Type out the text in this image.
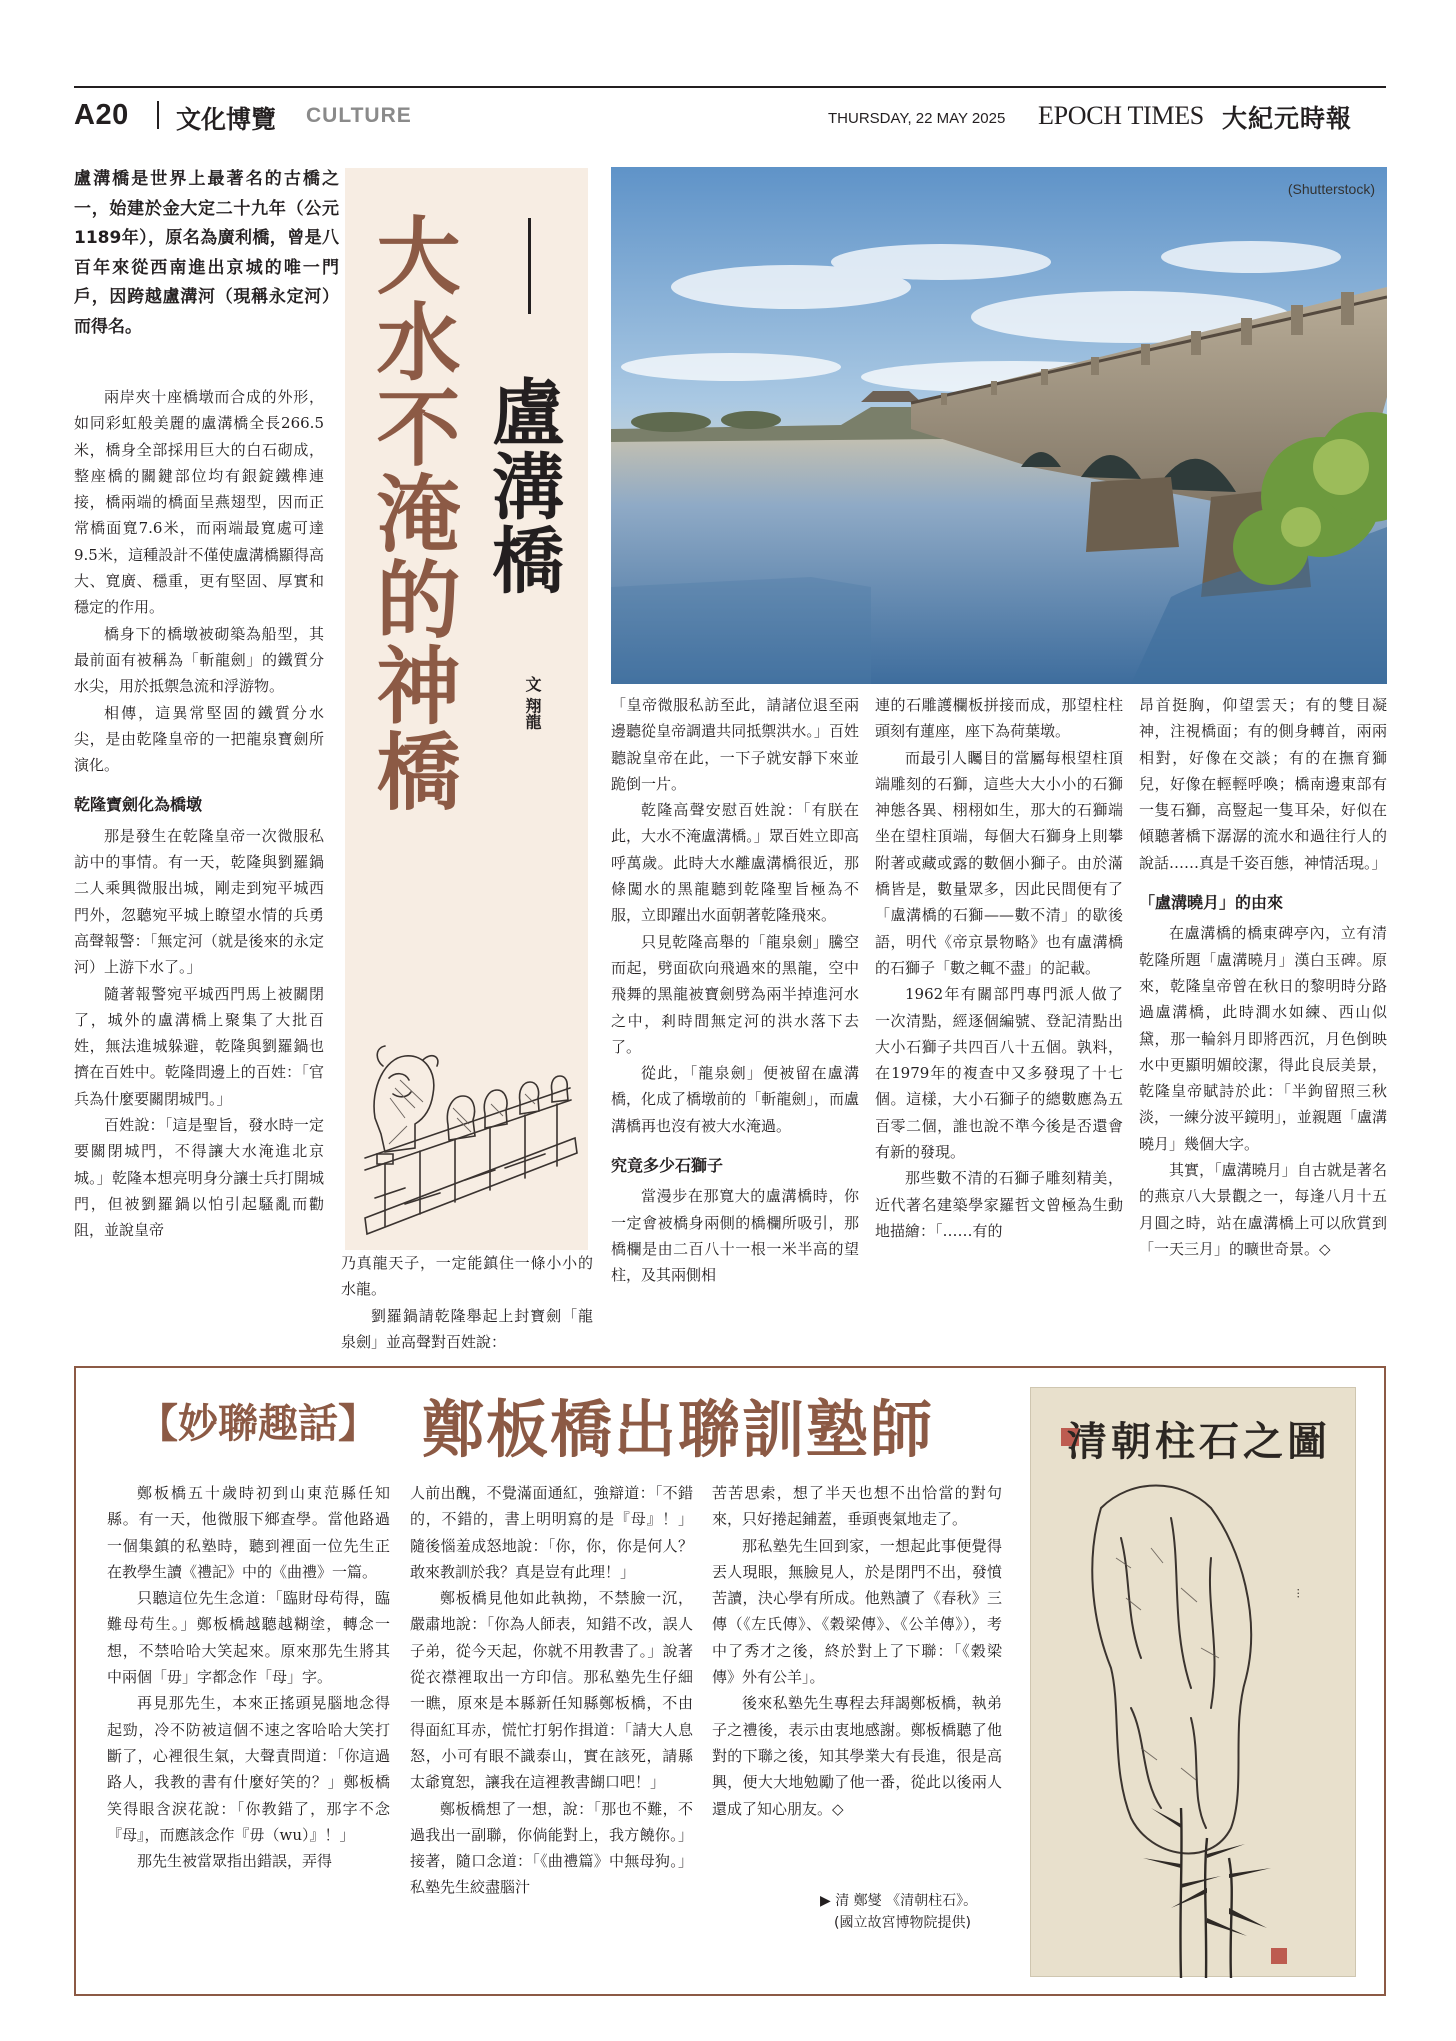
A20 文化博覽 CULTURE	THURSDAY, 22 MAY 2025 EPOCH TIMES 大紀元時報
盧溝橋是世界上最著名的古橋之一，始建於金大定二十九年（公元1189年），原名為廣利橋，曾是八百年來從西南進出京城的唯一門戶，因跨越盧溝河（現稱永定河）而得名。

兩岸夾十座橋墩而合成的外形，如同彩虹般美麗的盧溝橋全長266.5米，橋身全部採用巨大的白石砌成，整座橋的關鍵部位均有銀錠鐵榫連接，橋兩端的橋面呈燕翅型，因而正常橋面寬7.6米，而兩端最寬處可達9.5米，這種設計不僅使盧溝橋顯得高大、寬廣、穩重，更有堅固、厚實和穩定的作用。

橋身下的橋墩被砌築為船型，其最前面有被稱為「斬龍劍」的鐵質分水尖，用於抵禦急流和浮游物。

相傳，這異常堅固的鐵質分水尖，是由乾隆皇帝的一把龍泉寶劍所演化。

乾隆寶劍化為橋墩

那是發生在乾隆皇帝一次微服私訪中的事情。有一天，乾隆與劉羅鍋二人乘興微服出城，剛走到宛平城西門外，忽聽宛平城上瞭望水情的兵勇高聲報警：「無定河（就是後來的永定河）上游下水了。」

隨著報警宛平城西門馬上被關閉了，城外的盧溝橋上聚集了大批百姓，無法進城躲避，乾隆與劉羅鍋也擠在百姓中。乾隆問邊上的百姓：「官兵為什麼要關閉城門。」

百姓說：「這是聖旨，發水時一定要關閉城門，不得讓大水淹進北京城。」乾隆本想亮明身分讓士兵打開城門，但被劉羅鍋以怕引起騷亂而勸阻，並說皇帝

大水不淹的神橋 盧溝橋
文 翔龍

乃真龍天子，一定能鎮住一條小小的水龍。

劉羅鍋請乾隆舉起上封寶劍「龍泉劍」並高聲對百姓說：

(Shutterstock)

「皇帝微服私訪至此，請諸位退至兩邊聽從皇帝調遣共同抵禦洪水。」百姓聽說皇帝在此，一下子就安靜下來並跪倒一片。

乾隆高聲安慰百姓說：「有朕在此，大水不淹盧溝橋。」眾百姓立即高呼萬歲。此時大水離盧溝橋很近，那條闖水的黑龍聽到乾隆聖旨極為不服，立即躍出水面朝著乾隆飛來。

只見乾隆高舉的「龍泉劍」騰空而起，劈面砍向飛過來的黑龍，空中飛舞的黑龍被寶劍劈為兩半掉進河水之中，剎時間無定河的洪水落下去了。

從此，「龍泉劍」便被留在盧溝橋，化成了橋墩前的「斬龍劍」，而盧溝橋再也沒有被大水淹過。

究竟多少石獅子

當漫步在那寬大的盧溝橋時，你一定會被橋身兩側的橋欄所吸引，那橋欄是由二百八十一根一米半高的望柱，及其兩側相

連的石雕護欄板拼接而成，那望柱柱頭刻有蓮座，座下為荷葉墩。

而最引人矚目的當屬每根望柱頂端雕刻的石獅，這些大大小小的石獅神態各異、栩栩如生，那大的石獅端坐在望柱頂端，每個大石獅身上則攀附著或藏或露的數個小獅子。由於滿橋皆是，數量眾多，因此民間便有了「盧溝橋的石獅——數不清」的歇後語，明代《帝京景物略》也有盧溝橋的石獅子「數之輒不盡」的記載。

1962年有關部門專門派人做了一次清點，經逐個編號、登記清點出大小石獅子共四百八十五個。孰料，在1979年的複查中又多發現了十七個。這樣，大小石獅子的總數應為五百零二個，誰也說不準今後是否還會有新的發現。

那些數不清的石獅子雕刻精美，近代著名建築學家羅哲文曾極為生動地描繪：「……有的

昂首挺胸，仰望雲天；有的雙目凝神，注視橋面；有的側身轉首，兩兩相對，好像在交談；有的在撫育獅兒，好像在輕輕呼喚；橋南邊東部有一隻石獅，高豎起一隻耳朵，好似在傾聽著橋下潺潺的流水和過往行人的說話……真是千姿百態，神情活現。」

「盧溝曉月」的由來

在盧溝橋的橋東碑亭內，立有清乾隆所題「盧溝曉月」漢白玉碑。原來，乾隆皇帝曾在秋日的黎明時分路過盧溝橋，此時澗水如練、西山似黛，那一輪斜月即將西沉，月色倒映水中更顯明媚皎潔，得此良辰美景，乾隆皇帝賦詩於此：「半鉤留照三秋淡，一練分波平鏡明」，並親題「盧溝曉月」幾個大字。

其實，「盧溝曉月」自古就是著名的燕京八大景觀之一，每逢八月十五月圓之時，站在盧溝橋上可以欣賞到「一天三月」的曠世奇景。◇

【妙聯趣話】 鄭板橋出聯訓塾師

鄭板橋五十歲時初到山東范縣任知縣。有一天，他微服下鄉查學。當他路過一個集鎮的私塾時，聽到裡面一位先生正在教學生讀《禮記》中的《曲禮》一篇。

只聽這位先生念道：「臨財母苟得，臨難母苟生。」鄭板橋越聽越糊塗，轉念一想，不禁哈哈大笑起來。原來那先生將其中兩個「毋」字都念作「母」字。

再見那先生，本來正搖頭晃腦地念得起勁，冷不防被這個不速之客哈哈大笑打斷了，心裡很生氣，大聲責問道：「你這過路人，我教的書有什麼好笑的？」鄭板橋笑得眼含淚花說：「你教錯了，那字不念『母』，而應該念作『毋（wu）』！」

那先生被當眾指出錯誤，弄得

人前出醜，不覺滿面通紅，強辯道：「不錯的，不錯的，書上明明寫的是『母』！」隨後惱羞成怒地說：「你，你，你是何人？敢來教訓於我？真是豈有此理！」

鄭板橋見他如此執拗，不禁臉一沉，嚴肅地說：「你為人師表，知錯不改，誤人子弟，從今天起，你就不用教書了。」說著從衣襟裡取出一方印信。那私塾先生仔細一瞧，原來是本縣新任知縣鄭板橋，不由得面紅耳赤，慌忙打躬作揖道：「請大人息怒，小可有眼不識泰山，實在該死，請縣太爺寬恕，讓我在這裡教書餬口吧！」

鄭板橋想了一想，說：「那也不難，不過我出一副聯，你倘能對上，我方饒你。」接著，隨口念道：「《曲禮篇》中無母狗。」私塾先生絞盡腦汁

苦苦思索，想了半天也想不出恰當的對句來，只好捲起鋪蓋，垂頭喪氣地走了。

那私塾先生回到家，一想起此事便覺得丟人現眼，無臉見人，於是閉門不出，發憤苦讀，決心學有所成。他熟讀了《春秋》三傳（《左氏傳》、《穀梁傳》、《公羊傳》），考中了秀才之後，終於對上了下聯：「《穀梁傳》外有公羊」。

後來私塾先生專程去拜謁鄭板橋，執弟子之禮後，表示由衷地感謝。鄭板橋聽了他對的下聯之後，知其學業大有長進，很是高興，便大大地勉勵了他一番，從此以後兩人還成了知心朋友。◇

▶ 清 鄭燮 《清朝柱石》。
(國立故宮博物院提供)
清朝柱石之圖
...
